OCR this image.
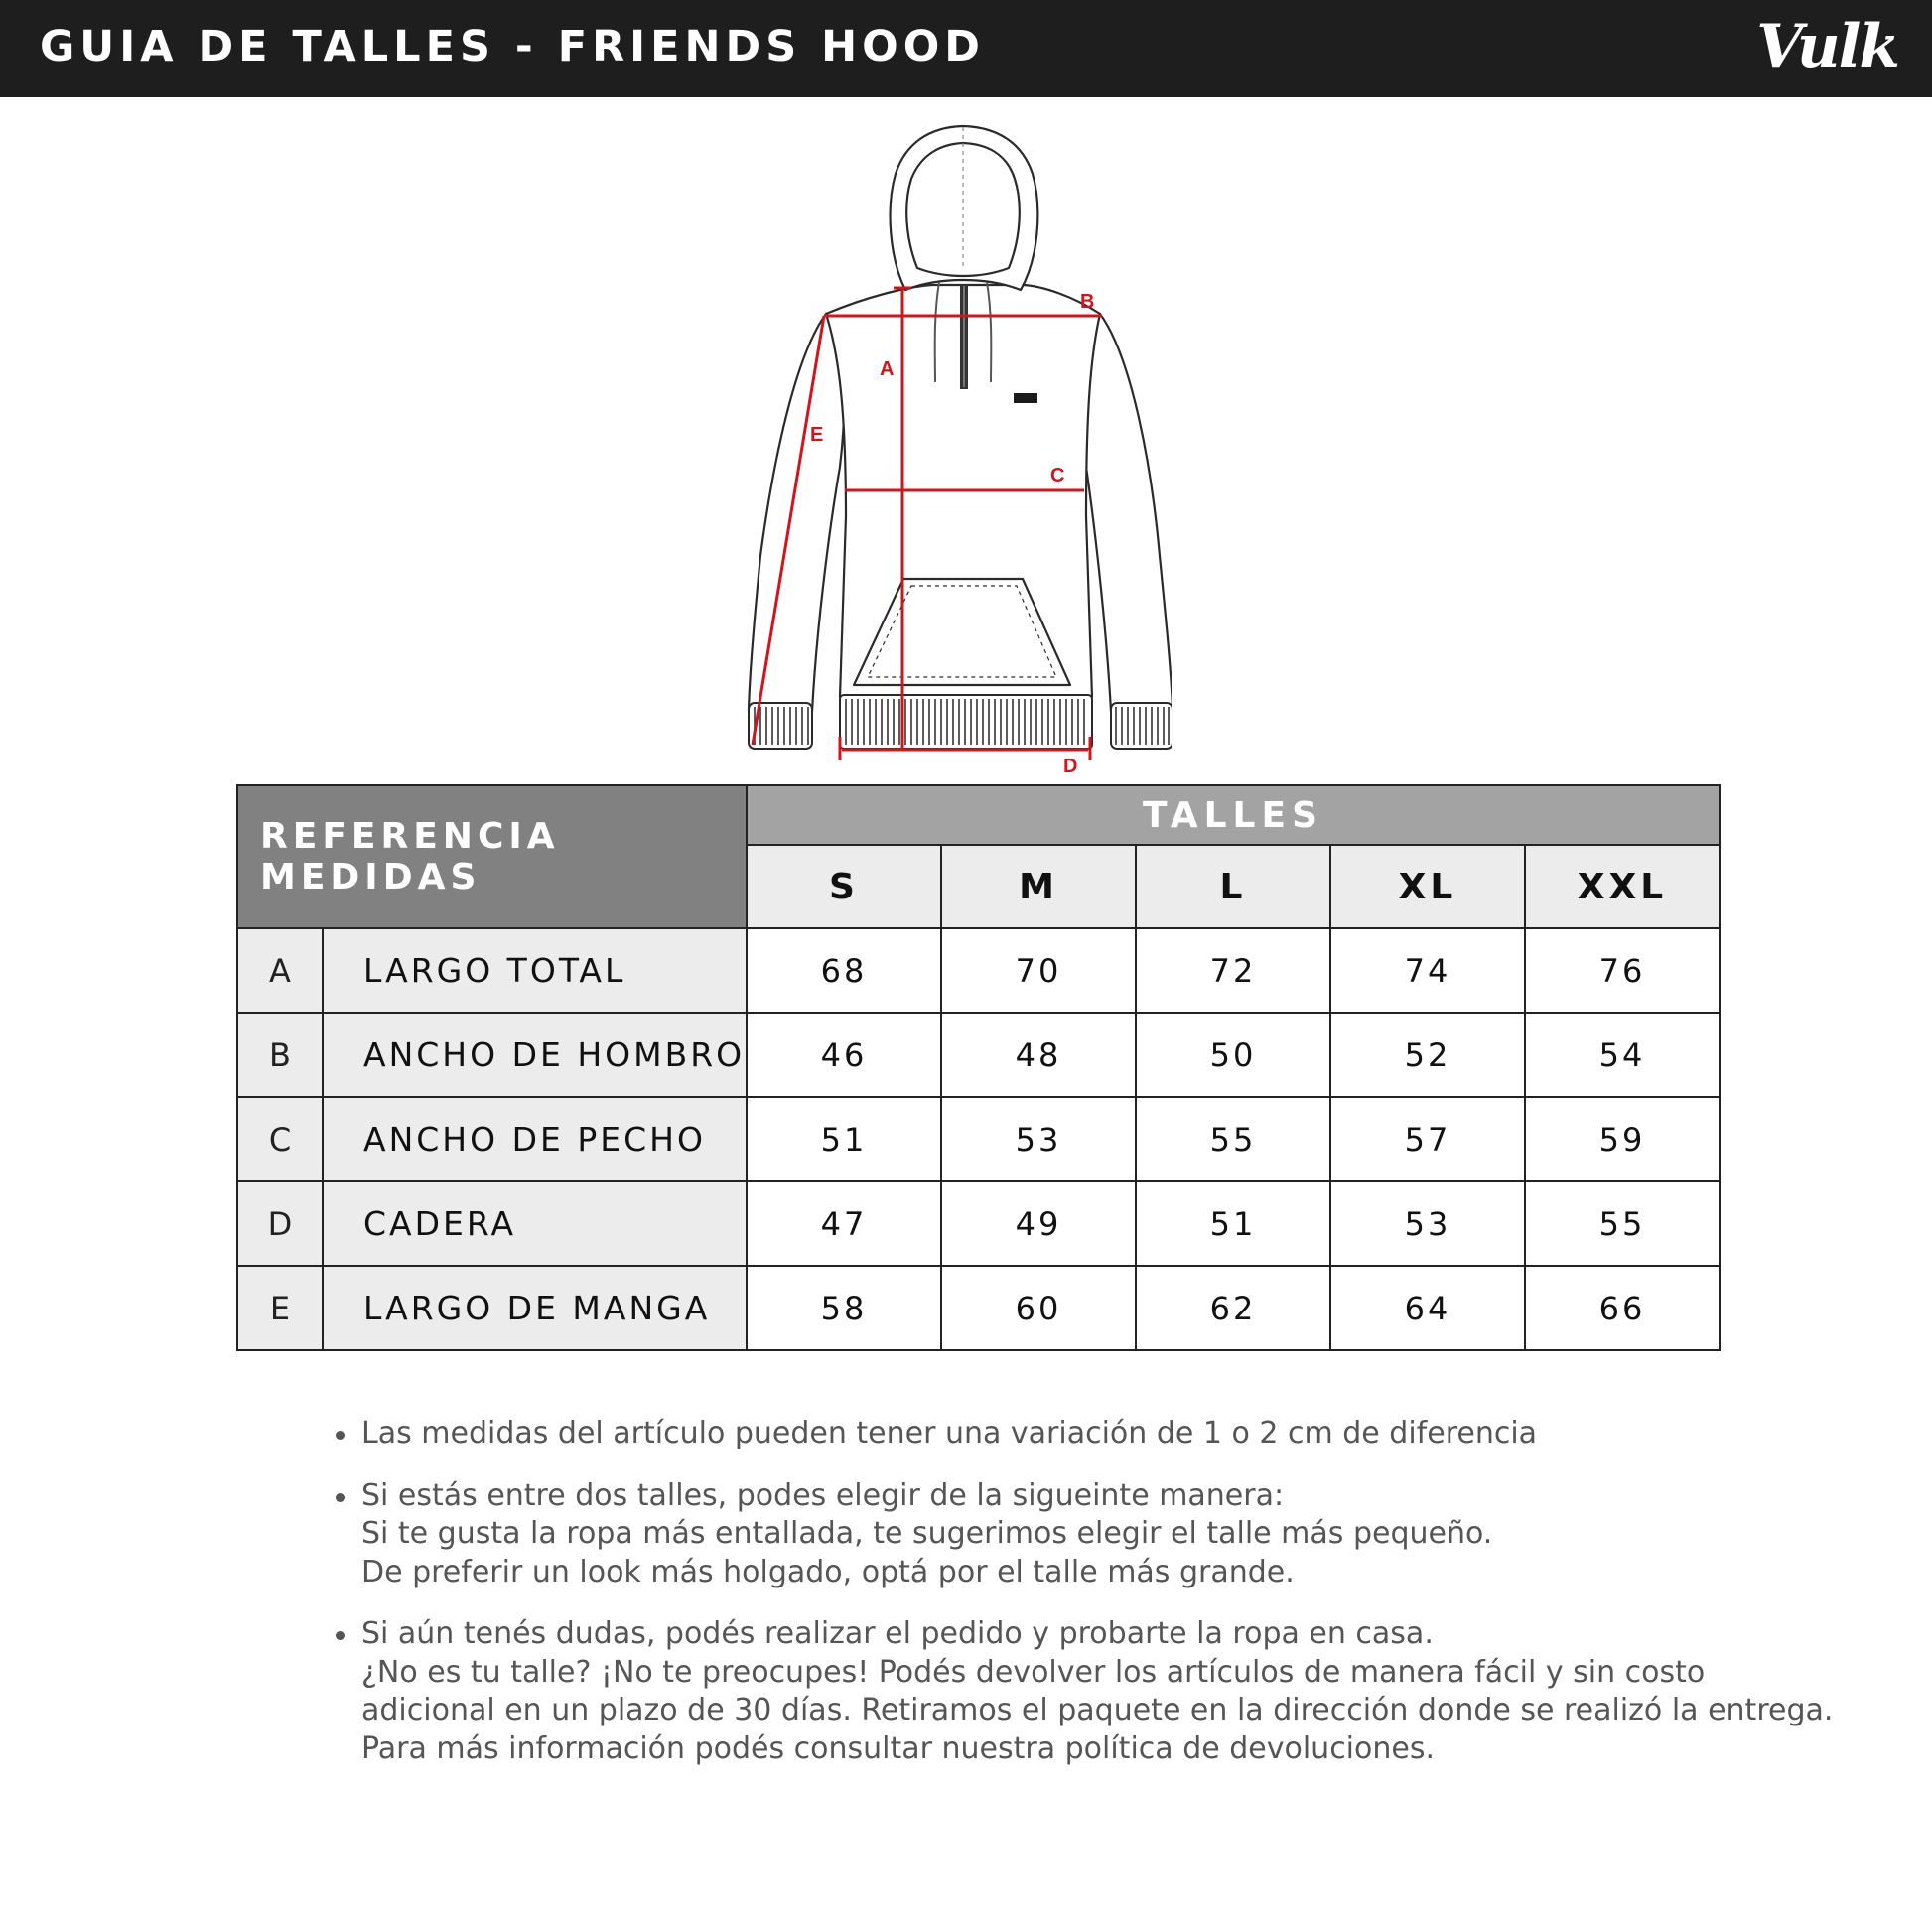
GUIA DE TALLES - FRIENDS HOOD	Vulk
B
A
E
C
D
REFERENCIA MEDIDAS		TALLES				
		S	M	L	XL	XXL
A	LARGO TOTAL	68	70	72	74	76
B	ANCHO DE HOMBRO	46	48	50	52	54
C	ANCHO DE PECHO	51	53	55	57	59
D	CADERA	47	49	51	53	55
E	LARGO DE MANGA	58	60	62	64	66
Las medidas del artículo pueden tener una variación de 1 o 2 cm de diferencia
Si estás entre dos talles, podes elegir de la sigueinte manera:
Si te gusta la ropa más entallada, te sugerimos elegir el talle más pequeño.
De preferir un look más holgado, optá por el talle más grande.
Si aún tenés dudas, podés realizar el pedido y probarte la ropa en casa.
¿No es tu talle? ¡No te preocupes! Podés devolver los artículos de manera fácil y sin costo
adicional en un plazo de 30 días. Retiramos el paquete en la dirección donde se realizó la entrega.
Para más información podés consultar nuestra política de devoluciones.
